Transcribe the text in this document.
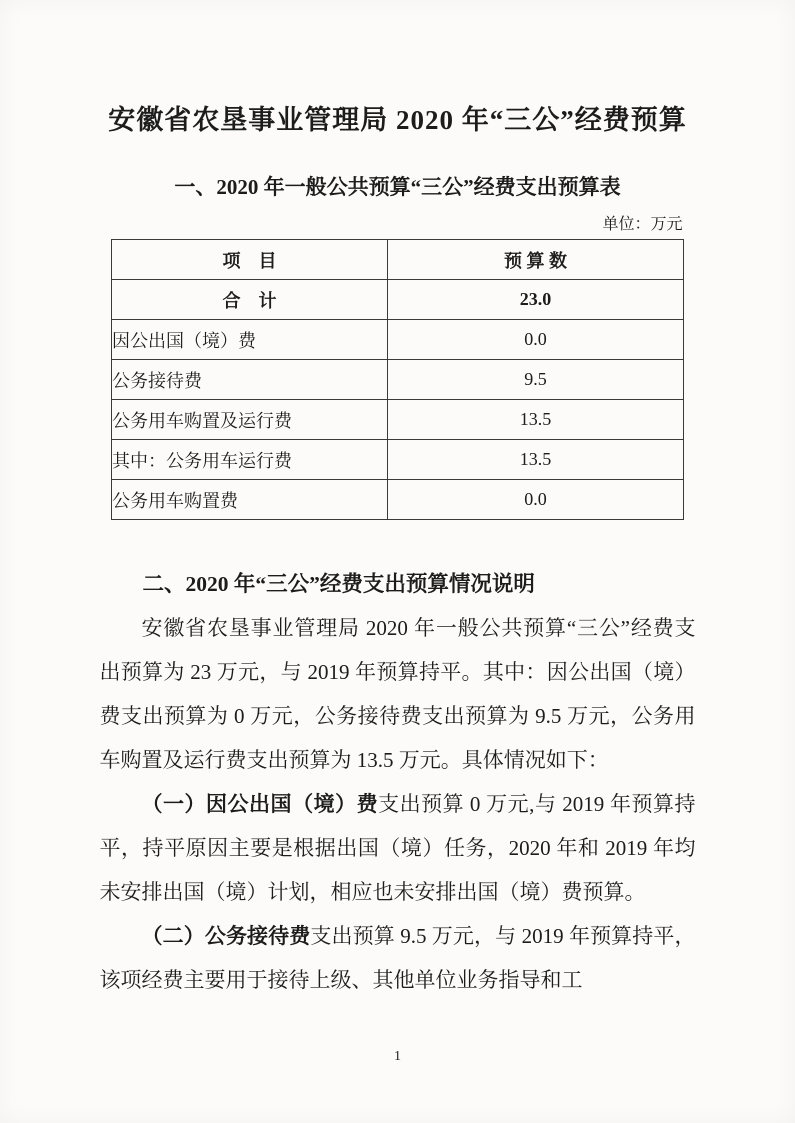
安徽省农垦事业管理局 2020 年“三公”经费预算
一、2020 年一般公共预算“三公”经费支出预算表
单位：万元
项　目	预 算 数
合　计	23.0
因公出国（境）费	0.0
公务接待费	9.5
公务用车购置及运行费	13.5
其中：公务用车运行费	13.5
公务用车购置费	0.0
二、2020 年“三公”经费支出预算情况说明

安徽省农垦事业管理局 2020 年一般公共预算“三公”经费支出预算为 23 万元，与 2019 年预算持平。其中：因公出国（境）费支出预算为 0 万元，公务接待费支出预算为 9.5 万元，公务用车购置及运行费支出预算为 13.5 万元。具体情况如下：

（一）因公出国（境）费支出预算 0 万元,与 2019 年预算持平，持平原因主要是根据出国（境）任务，2020 年和 2019 年均未安排出国（境）计划，相应也未安排出国（境）费预算。

（二）公务接待费支出预算 9.5 万元，与 2019 年预算持平，该项经费主要用于接待上级、其他单位业务指导和工

1
